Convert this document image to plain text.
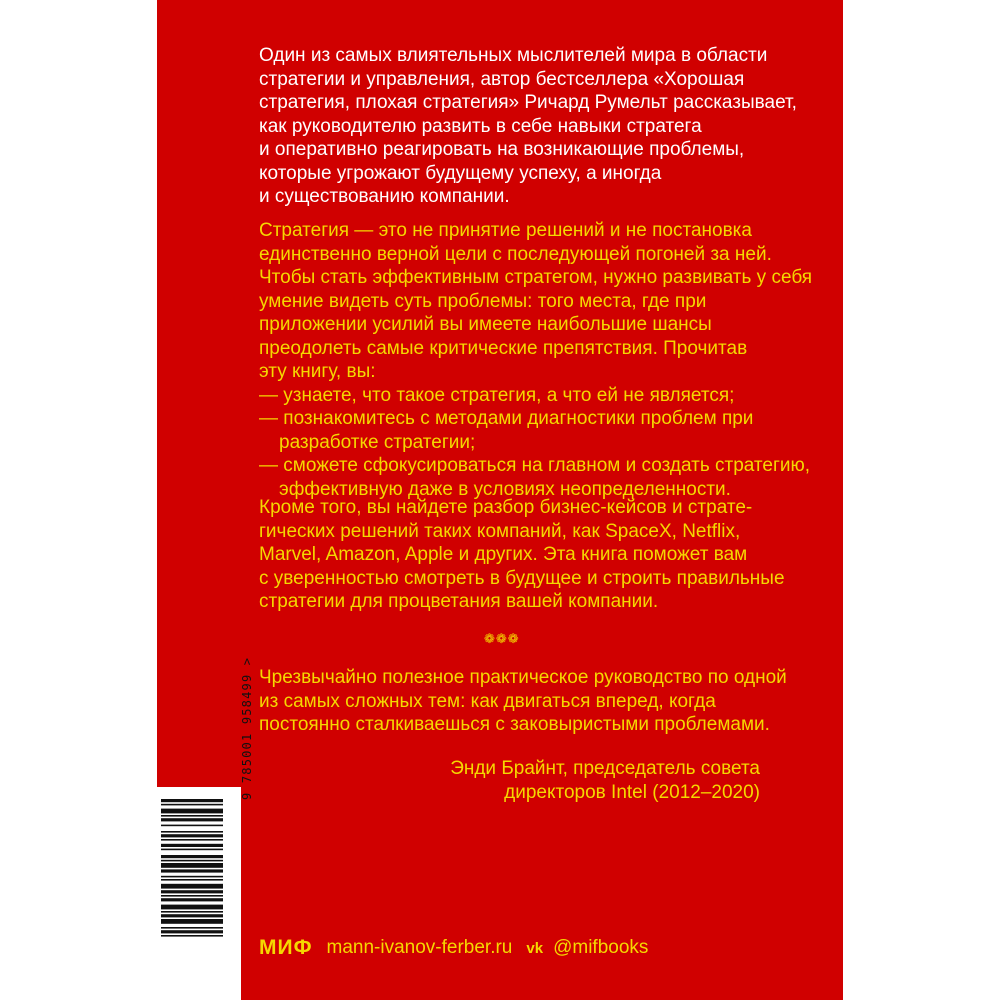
Один из самых влиятельных мыслителей мира в области
стратегии и управления, автор бестселлера «Хорошая
стратегия, плохая стратегия» Ричард Румельт рассказывает,
как руководителю развить в себе навыки стратега
и оперативно реагировать на возникающие проблемы,
которые угрожают будущему успеху, а иногда
и существованию компании.
Стратегия — это не принятие решений и не постановка
единственно верной цели с последующей погоней за ней.
Чтобы стать эффективным стратегом, нужно развивать у себя
умение видеть суть проблемы: того места, где при
приложении усилий вы имеете наибольшие шансы
преодолеть самые критические препятствия. Прочитав
эту книгу, вы:
— узнаете, что такое стратегия, а что ей не является;
— познакомитесь с методами диагностики проблем при
разработке стратегии;
— сможете сфокусироваться на главном и создать стратегию,
эффективную даже в условиях неопределенности.
Кроме того, вы найдете разбор бизнес-кейсов и страте-
гических решений таких компаний, как SpaceX, Netflix,
Marvel, Amazon, Apple и других. Эта книга поможет вам
с уверенностью смотреть в будущее и строить правильные
стратегии для процветания вашей компании.
❁❁❁
Чрезвычайно полезное практическое руководство по одной
из самых сложных тем: как двигаться вперед, когда
постоянно сталкиваешься с заковыристыми проблемами.
Энди Брайнт, председатель совета
директоров Intel (2012–2020)
9 785001 958499 >
МИФ mann-ivanov-ferber.ru vk @mifbooks
